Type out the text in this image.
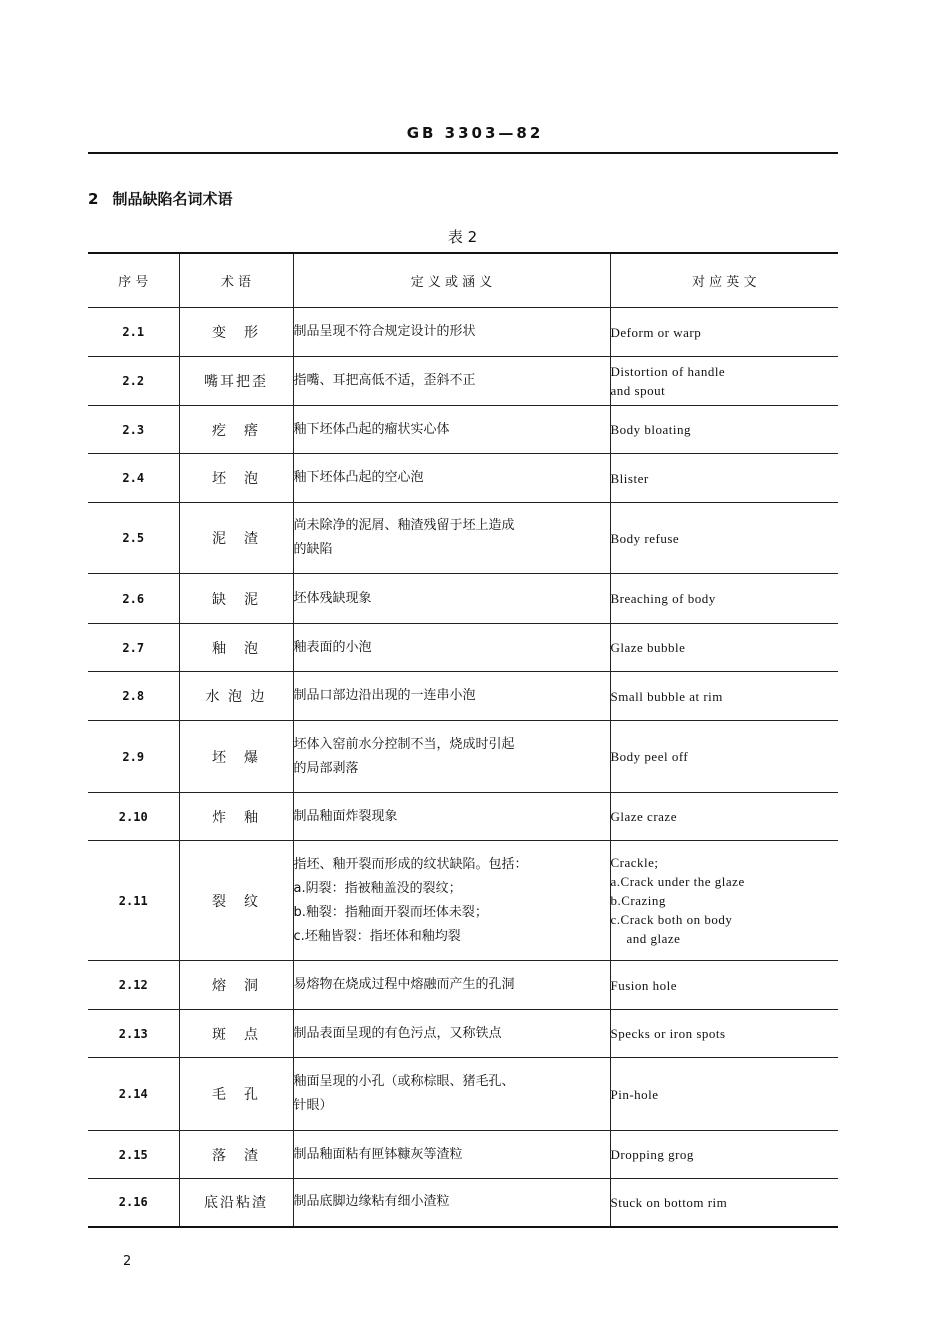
GB 3303—82
2 制品缺陷名词术语
表 2
序 号	术 语	定 义 或 涵 义	对 应 英 文
2.1	变　形	制品呈现不符合规定设计的形状	Deform or warp

2.2	嘴耳把歪	指嘴、耳把高低不适，歪斜不正	Distortion of handle
and spout

2.3	疙　瘩	釉下坯体凸起的瘤状实心体	Body bloating

2.4	坯　泡	釉下坯体凸起的空心泡	Blister

2.5	泥　渣	尚未除净的泥屑、釉渣残留于坯上造成
的缺陷	Body refuse

2.6	缺　泥	坯体残缺现象	Breaching of body

2.7	釉　泡	釉表面的小泡	Glaze bubble

2.8	水 泡 边	制品口部边沿出现的一连串小泡	Small bubble at rim

2.9	坯　爆	坯体入窑前水分控制不当，烧成时引起
的局部剥落	Body peel off

2.10	炸　釉	制品釉面炸裂现象	Glaze craze

2.11	裂　纹	指坯、釉开裂而形成的纹状缺陷。包括：
a.阴裂：指被釉盖没的裂纹；
b.釉裂：指釉面开裂而坯体未裂；
c.坯釉皆裂：指坯体和釉均裂	Crackle;
a.Crack under the glaze
b.Crazing
c.Crack both on body
and glaze

2.12	熔　洞	易熔物在烧成过程中熔融而产生的孔洞	Fusion hole

2.13	斑　点	制品表面呈现的有色污点，又称铁点	Specks or iron spots

2.14	毛　孔	釉面呈现的小孔（或称棕眼、猪毛孔、
针眼）	Pin-hole

2.15	落　渣	制品釉面粘有匣钵糠灰等渣粒	Dropping grog

2.16	底沿粘渣	制品底脚边缘粘有细小渣粒	Stuck on bottom rim
2
